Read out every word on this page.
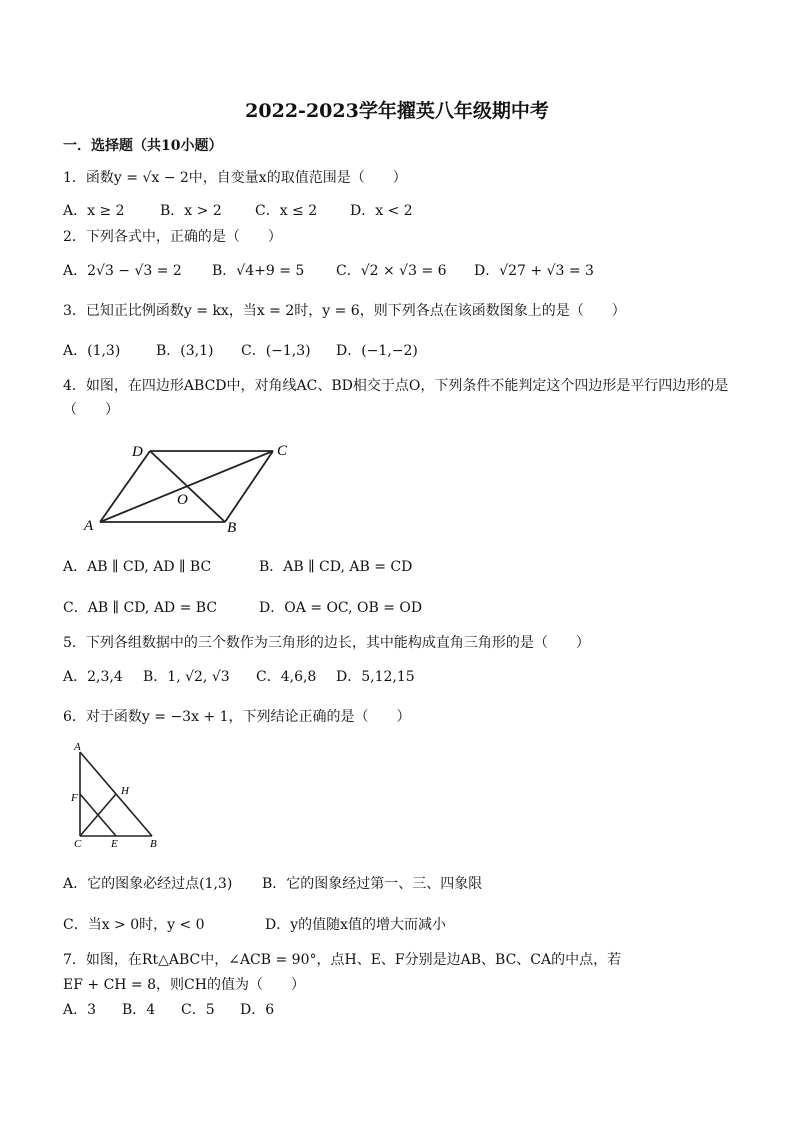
2022-2023学年擢英八年级期中考
一．选择题（共10小题）
1．函数y = √x − 2中，自变量x的取值范围是（　　）
A．x ≥ 2	B．x > 2 C．x ≤ 2 D．x < 2
2．下列各式中，正确的是（　　）
A．2√3 − √3 = 2 B．√4+9 = 5 C．√2 × √3 = 6 D．√27 + √3 = 3
3．已知正比例函数y = kx，当x = 2时，y = 6，则下列各点在该函数图象上的是（　　）
A．(1,3)	B．(3,1) C．(−1,3) D．(−1,−2)
4．如图，在四边形ABCD中，对角线AC、BD相交于点O，下列条件不能判定这个四边形是平行四边形的是
（　　）
D	C
O
A	B
A．AB ∥ CD, AD ∥ BC	B．AB ∥ CD, AB = CD
C．AB ∥ CD, AD = BC	D．OA = OC, OB = OD
5．下列各组数据中的三个数作为三角形的边长，其中能构成直角三角形的是（　　）
A．2,3,4 B．1, √2, √3 C．4,6,8 D．5,12,15
6．对于函数y = −3x + 1，下列结论正确的是（　　）
A
F
H
C	E	B
A．它的图象必经过点(1,3) B．它的图象经过第一、三、四象限
C．当x > 0时，y < 0	D．y的值随x值的增大而减小
7．如图，在Rt△ABC中，∠ACB = 90°，点H、E、F分别是边AB、BC、CA的中点，若
EF + CH = 8，则CH的值为（　　）
A．3 B．4 C．5 D．6
